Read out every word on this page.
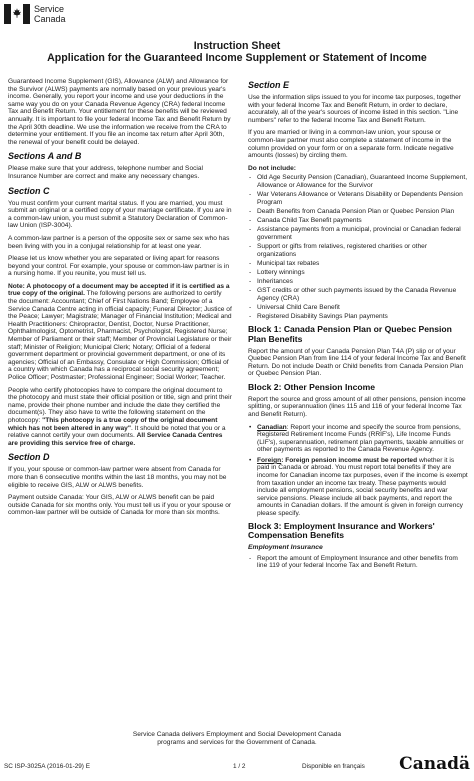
Service
Canada
Instruction Sheet
Application for the Guaranteed Income Supplement or Statement of Income

Guaranteed Income Supplement (GIS), Allowance (ALW) and Allowance for the Survivor (ALWS) payments are normally based on your previous year's income. Generally, you report your income and use your deductions in the same way you do on your Canada Revenue Agency (CRA) federal Income Tax and Benefit Return. Your entitlement for these benefits will be reviewed annually. It is important to file your federal Income Tax and Benefit Return by the April 30th deadline. We use the information we receive from the CRA to determine your entitlement. If you file an income tax return after April 30th, the renewal of your benefit could be delayed.

Sections A and B

Please make sure that your address, telephone number and Social Insurance Number are correct and make any necessary changes.

Section C

You must confirm your current marital status. If you are married, you must submit an original or a certified copy of your marriage certificate. If you are in a common-law union, you must submit a Statutory Declaration of Common-law Union (ISP-3004).

A common-law partner is a person of the opposite sex or same sex who has been living with you in a conjugal relationship for at least one year.

Please let us know whether you are separated or living apart for reasons beyond your control. For example, your spouse or common-law partner is in a nursing home. If you reunite, you must tell us.

Note: A photocopy of a document may be accepted if it is certified as a true copy of the original. The following persons are authorized to certify the document: Accountant; Chief of First Nations Band; Employee of a Service Canada Centre acting in official capacity; Funeral Director; Justice of the Peace; Lawyer; Magistrate; Manager of Financial Institution; Medical and Health Practitioners: Chiropractor, Dentist, Doctor, Nurse Practitioner, Ophthalmologist, Optometrist, Pharmacist, Psychologist, Registered Nurse; Member of Parliament or their staff; Member of Provincial Legislature or their staff; Minister of Religion; Municipal Clerk; Notary; Official of a federal government department or provincial government department, or one of its agencies; Official of an Embassy, Consulate or High Commission; Official of a country with which Canada has a reciprocal social security agreement; Police Officer; Postmaster; Professional Engineer; Social Worker; Teacher.

People who certify photocopies have to compare the original document to the photocopy and must state their official position or title, sign and print their name, provide their phone number and include the date they certified the document(s). They also have to write the following statement on the photocopy: "This photocopy is a true copy of the original document which has not been altered in any way". It should be noted that you or a relative cannot certify your own documents. All Service Canada Centres are providing this service free of charge.

Section D

If you, your spouse or common-law partner were absent from Canada for more than 6 consecutive months within the last 18 months, you may not be eligible to receive GIS, ALW or ALWS benefits.

Payment outside Canada: Your GIS, ALW or ALWS benefit can be paid outside Canada for six months only. You must tell us if you or your spouse or common-law partner will be outside of Canada for more than six months.

Section E

Use the information slips issued to you for income tax purposes, together with your federal Income Tax and Benefit Return, in order to declare, accurately, all of the year's sources of income listed in this section. "Line numbers" refer to the federal Income Tax and Benefit Return.

If you are married or living in a common-law union, your spouse or common-law partner must also complete a statement of income in the column provided on your form or on a separate form. Indicate negative amounts (losses) by circling them.

Do not include:
- Old Age Security Pension (Canadian), Guaranteed Income Supplement, Allowance or Allowance for the Survivor
- War Veterans Allowance or Veterans Disability or Dependents Pension Program
- Death Benefits from Canada Pension Plan or Quebec Pension Plan
- Canada Child Tax Benefit payments
- Assistance payments from a municipal, provincial or Canadian federal government
- Support or gifts from relatives, registered charities or other organizations
- Municipal tax rebates
- Lottery winnings
- Inheritances
- GST credits or other such payments issued by the Canada Revenue Agency (CRA)
- Universal Child Care Benefit
- Registered Disability Savings Plan payments
Block 1: Canada Pension Plan or Quebec Pension Plan Benefits

Report the amount of your Canada Pension Plan T4A (P) slip or of your Quebec Pension Plan from line 114 of your federal Income Tax and Benefit Return. Do not include Death or Child benefits from Canada Pension Plan or Quebec Pension Plan.

Block 2: Other Pension Income

Report the source and gross amount of all other pensions, pension income splitting, or superannuation (lines 115 and 116 of your federal Income Tax and Benefit Return).

• Canadian: Report your income and specify the source from pensions, Registered Retirement Income Funds (RRIF's), Life Income Funds (LIF's), superannuation, retirement plan payments, taxable annuities or other payments as reported to the Canada Revenue Agency.
• Foreign: Foreign pension income must be reported whether it is paid in Canada or abroad. You must report total benefits if they are income for Canadian income tax purposes, even if the income is exempt from taxation under an income tax treaty. These payments would include all employment pensions, social security benefits and war service pensions. Please include all back payments, and report the amounts in Canadian dollars. If the amount is given in foreign currency please specify.
Block 3: Employment Insurance and Workers' Compensation Benefits
Employment Insurance
- Report the amount of Employment Insurance and other benefits from line 119 of your federal Income Tax and Benefit Return.
Service Canada delivers Employment and Social Development Canada
programs and services for the Government of Canada.
SC ISP-3025A (2016-01-29) E	1 / 2	Disponible en français Canadä
